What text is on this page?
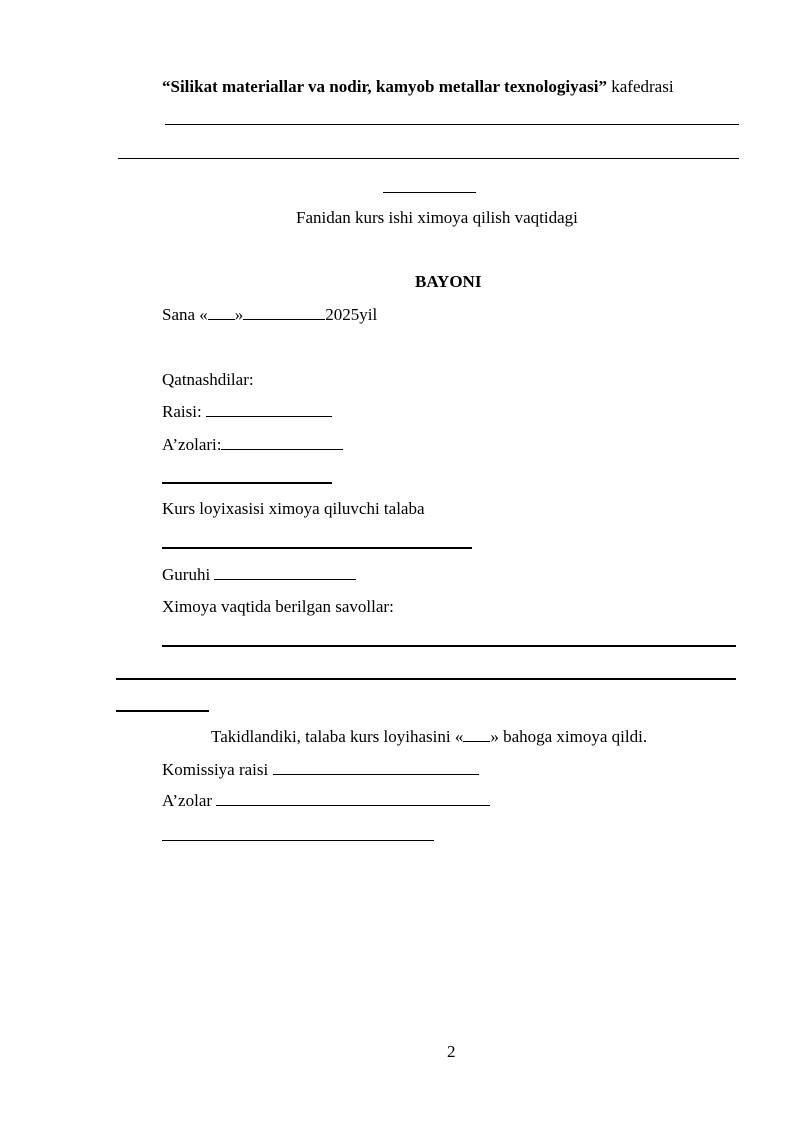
“Silikat materiallar va nodir, kamyob metallar texnologiyasi” kafedrasi
Fanidan kurs ishi ximoya qilish vaqtidagi
BAYONI
Sana « »	2025yil
Qatnashdilar:
Raisi:
A’zolari:
Kurs loyixasisi ximoya qiluvchi talaba
Guruhi
Ximoya vaqtida berilgan savollar:
Takidlandiki, talaba kurs loyihasini « » bahoga ximoya qildi.
Komissiya raisi
A’zolar
2
